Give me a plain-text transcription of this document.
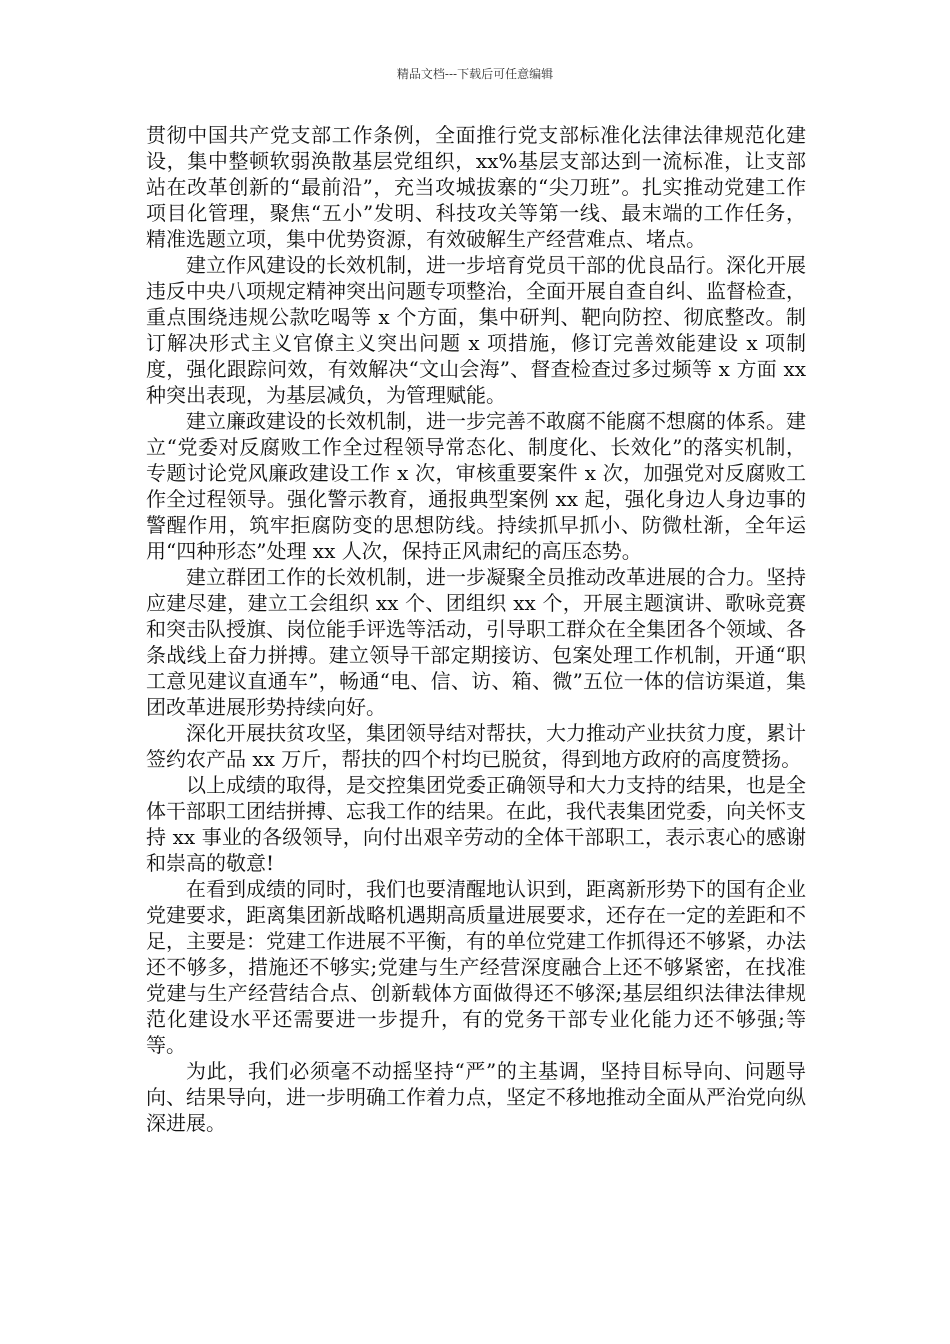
精品文档---下载后可任意编辑

贯彻中国共产党支部工作条例，全面推行党支部标准化法律法律规范化建设，集中整顿软弱涣散基层党组织，xx%基层支部达到一流标准，让支部站在改革创新的“最前沿”，充当攻城拔寨的“尖刀班”。扎实推动党建工作项目化管理，聚焦“五小”发明、科技攻关等第一线、最末端的工作任务，精准选题立项，集中优势资源，有效破解生产经营难点、堵点。

建立作风建设的长效机制，进一步培育党员干部的优良品行。深化开展违反中央八项规定精神突出问题专项整治，全面开展自查自纠、监督检查，重点围绕违规公款吃喝等 x 个方面，集中研判、靶向防控、彻底整改。制订解决形式主义官僚主义突出问题 x 项措施，修订完善效能建设 x 项制度，强化跟踪问效，有效解决“文山会海”、督查检查过多过频等 x 方面 xx 种突出表现，为基层减负，为管理赋能。

建立廉政建设的长效机制，进一步完善不敢腐不能腐不想腐的体系。建立“党委对反腐败工作全过程领导常态化、制度化、长效化”的落实机制，专题讨论党风廉政建设工作 x 次，审核重要案件 x 次，加强党对反腐败工作全过程领导。强化警示教育，通报典型案例 xx 起，强化身边人身边事的警醒作用，筑牢拒腐防变的思想防线。持续抓早抓小、防微杜渐，全年运用“四种形态”处理 xx 人次，保持正风肃纪的高压态势。

建立群团工作的长效机制，进一步凝聚全员推动改革进展的合力。坚持应建尽建，建立工会组织 xx 个、团组织 xx 个，开展主题演讲、歌咏竞赛和突击队授旗、岗位能手评选等活动，引导职工群众在全集团各个领域、各条战线上奋力拼搏。建立领导干部定期接访、包案处理工作机制，开通“职工意见建议直通车”，畅通“电、信、访、箱、微”五位一体的信访渠道，集团改革进展形势持续向好。

深化开展扶贫攻坚，集团领导结对帮扶，大力推动产业扶贫力度，累计签约农产品 xx 万斤，帮扶的四个村均已脱贫，得到地方政府的高度赞扬。

以上成绩的取得，是交控集团党委正确领导和大力支持的结果，也是全体干部职工团结拼搏、忘我工作的结果。在此，我代表集团党委，向关怀支持 xx 事业的各级领导，向付出艰辛劳动的全体干部职工，表示衷心的感谢和崇高的敬意!

在看到成绩的同时，我们也要清醒地认识到，距离新形势下的国有企业党建要求，距离集团新战略机遇期高质量进展要求，还存在一定的差距和不足，主要是：党建工作进展不平衡，有的单位党建工作抓得还不够紧，办法还不够多，措施还不够实;党建与生产经营深度融合上还不够紧密，在找准党建与生产经营结合点、创新载体方面做得还不够深;基层组织法律法律规范化建设水平还需要进一步提升，有的党务干部专业化能力还不够强;等等。

为此，我们必须毫不动摇坚持“严”的主基调，坚持目标导向、问题导向、结果导向，进一步明确工作着力点，坚定不移地推动全面从严治党向纵深进展。
